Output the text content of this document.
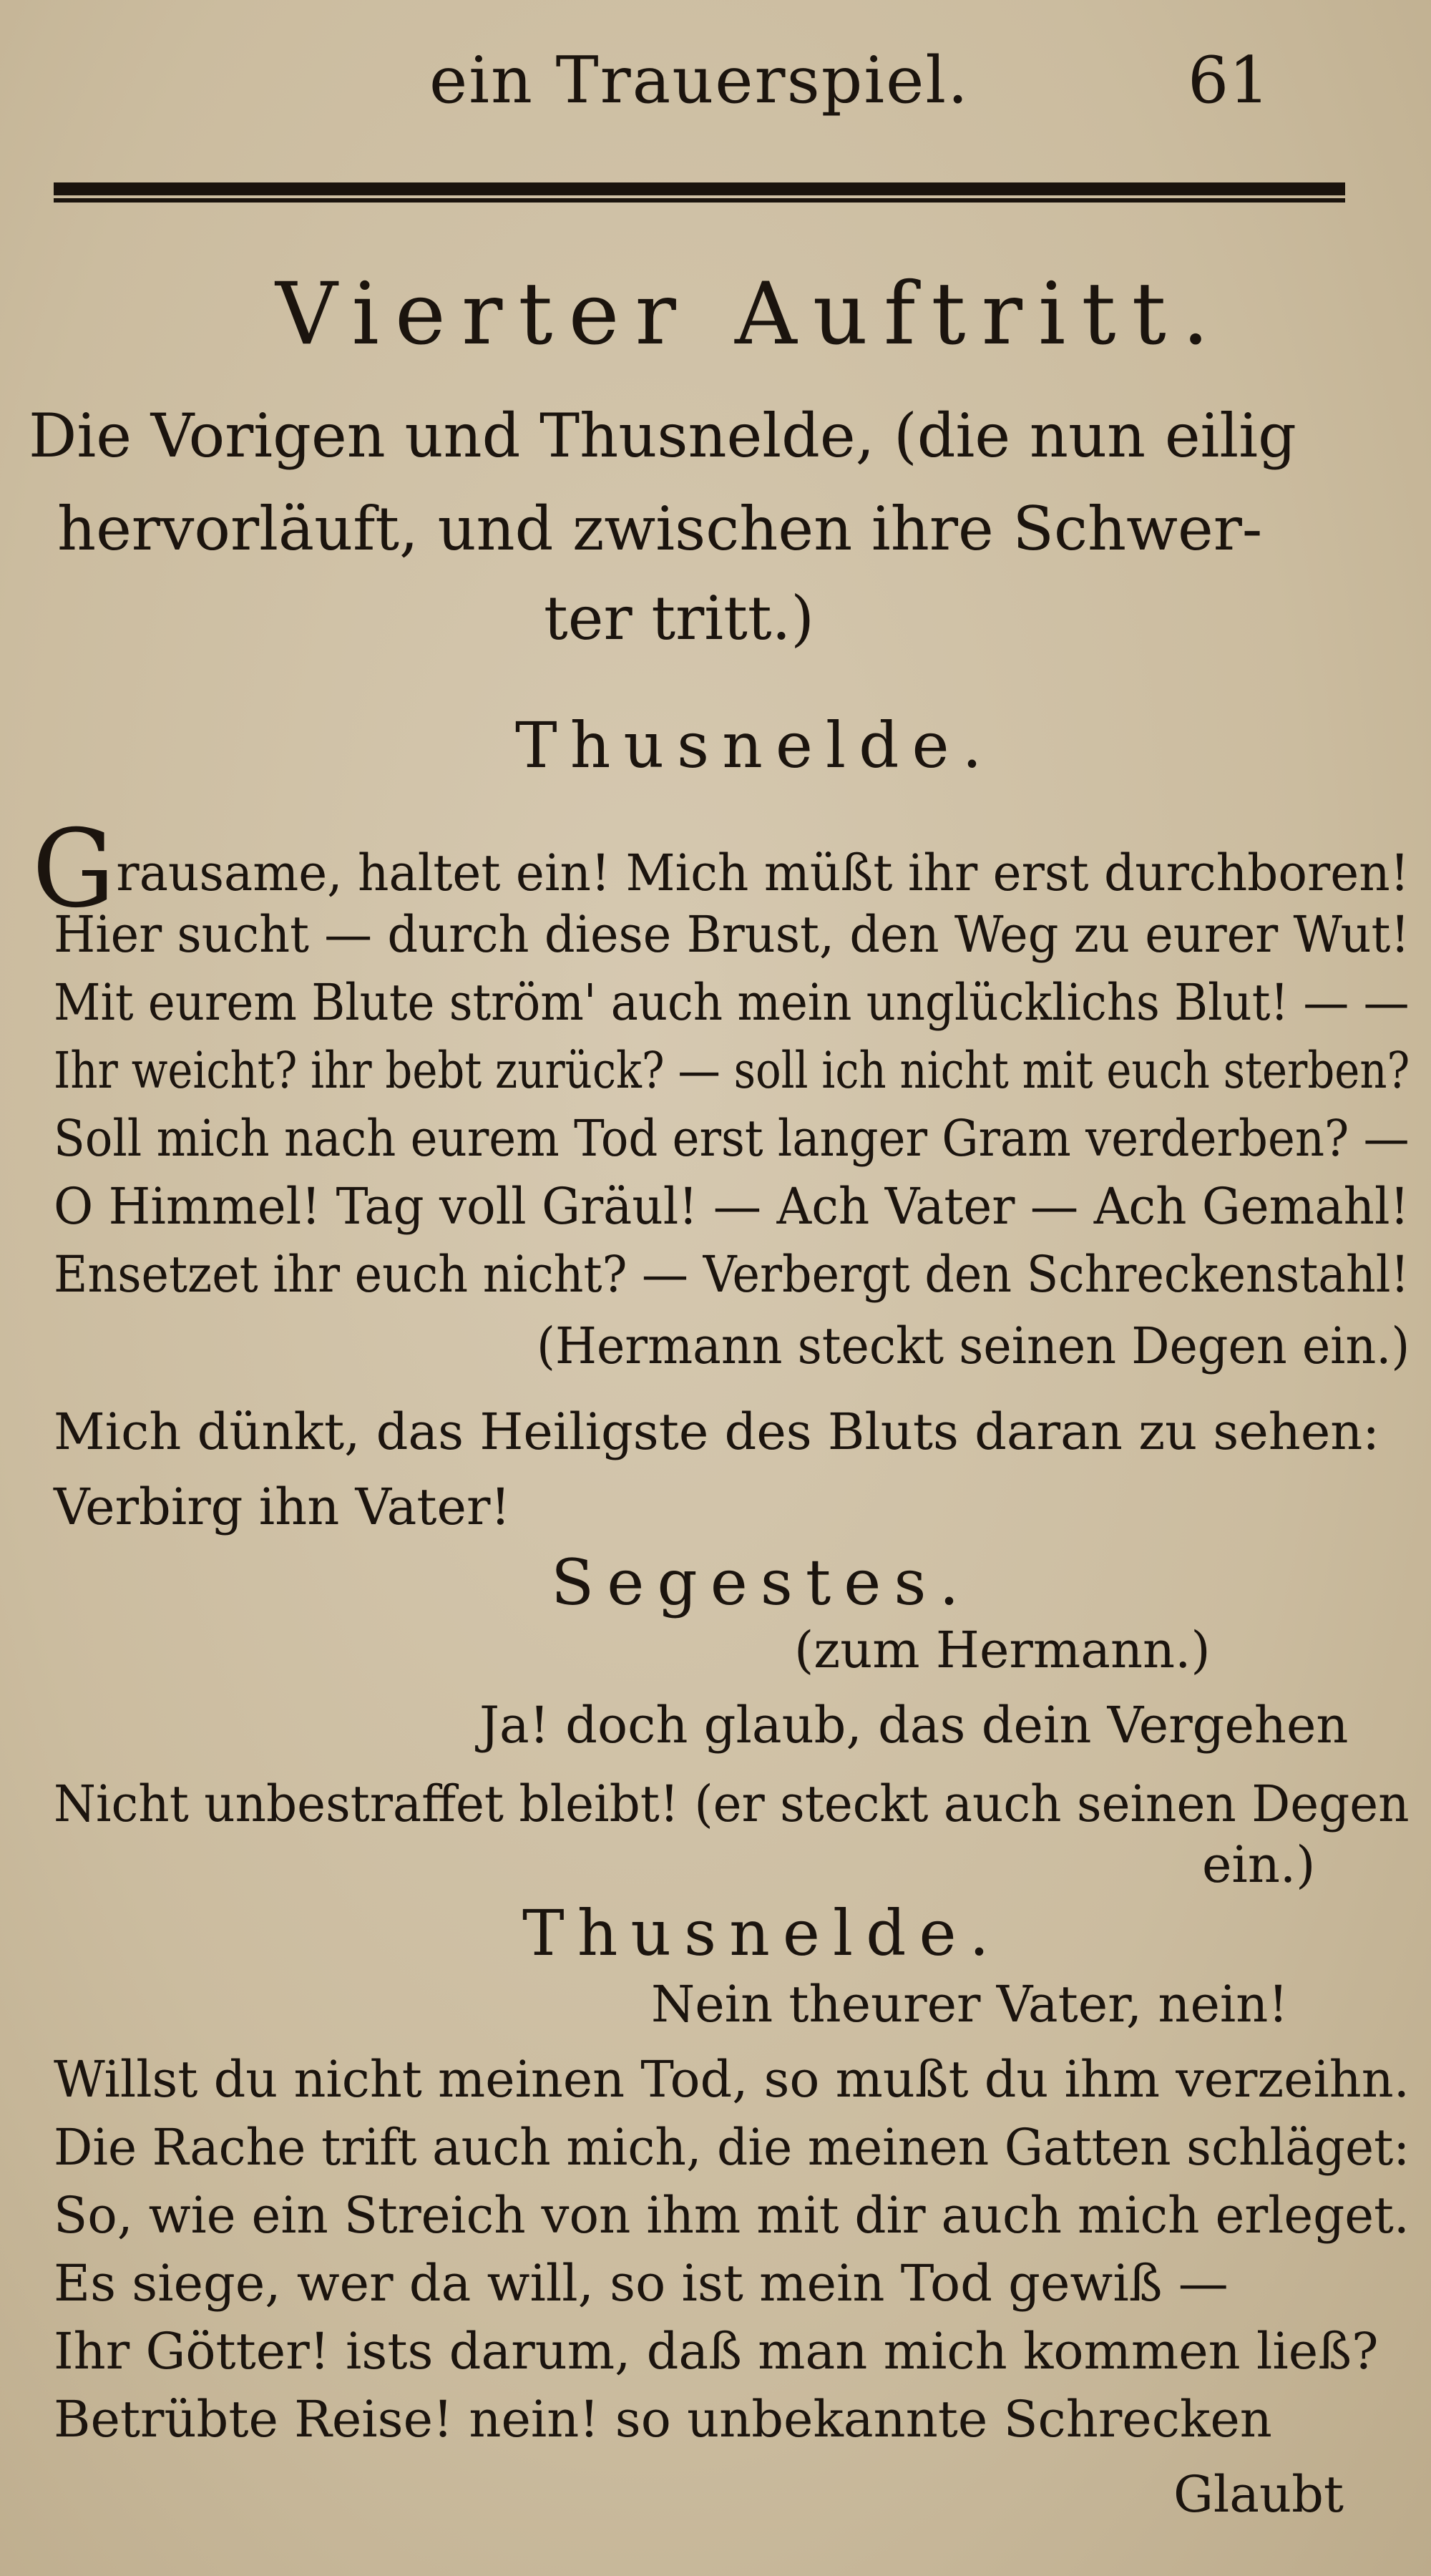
ein Trauerspiel.	61
Vierter Auftritt.
Die Vorigen und Thusnelde, (die nun eilig
hervorläuft, und zwischen ihre Schwer-
ter tritt.)
Thusnelde.
Grausame, haltet ein! Mich müßt ihr erst durchboren!
Hier sucht — durch diese Brust, den Weg zu eurer Wut!
Mit eurem Blute ström' auch mein unglücklichs Blut! — —
Ihr weicht? ihr bebt zurück? — soll ich nicht mit euch sterben?
Soll mich nach eurem Tod erst langer Gram verderben? —
O Himmel! Tag voll Gräul! — Ach Vater — Ach Gemahl!
Ensetzet ihr euch nicht? — Verbergt den Schreckenstahl!
(Hermann steckt seinen Degen ein.)
Mich dünkt, das Heiligste des Bluts daran zu sehen:
Verbirg ihn Vater!
Segestes.
(zum Hermann.)
Ja! doch glaub, das dein Vergehen
Nicht unbestraffet bleibt! (er steckt auch seinen Degen
ein.)
Thusnelde.
Nein theurer Vater, nein!
Willst du nicht meinen Tod, so mußt du ihm verzeihn.
Die Rache trift auch mich, die meinen Gatten schläget:
So, wie ein Streich von ihm mit dir auch mich erleget.
Es siege, wer da will, so ist mein Tod gewiß —
Ihr Götter! ists darum, daß man mich kommen ließ?
Betrübte Reise! nein! so unbekannte Schrecken
Glaubt
